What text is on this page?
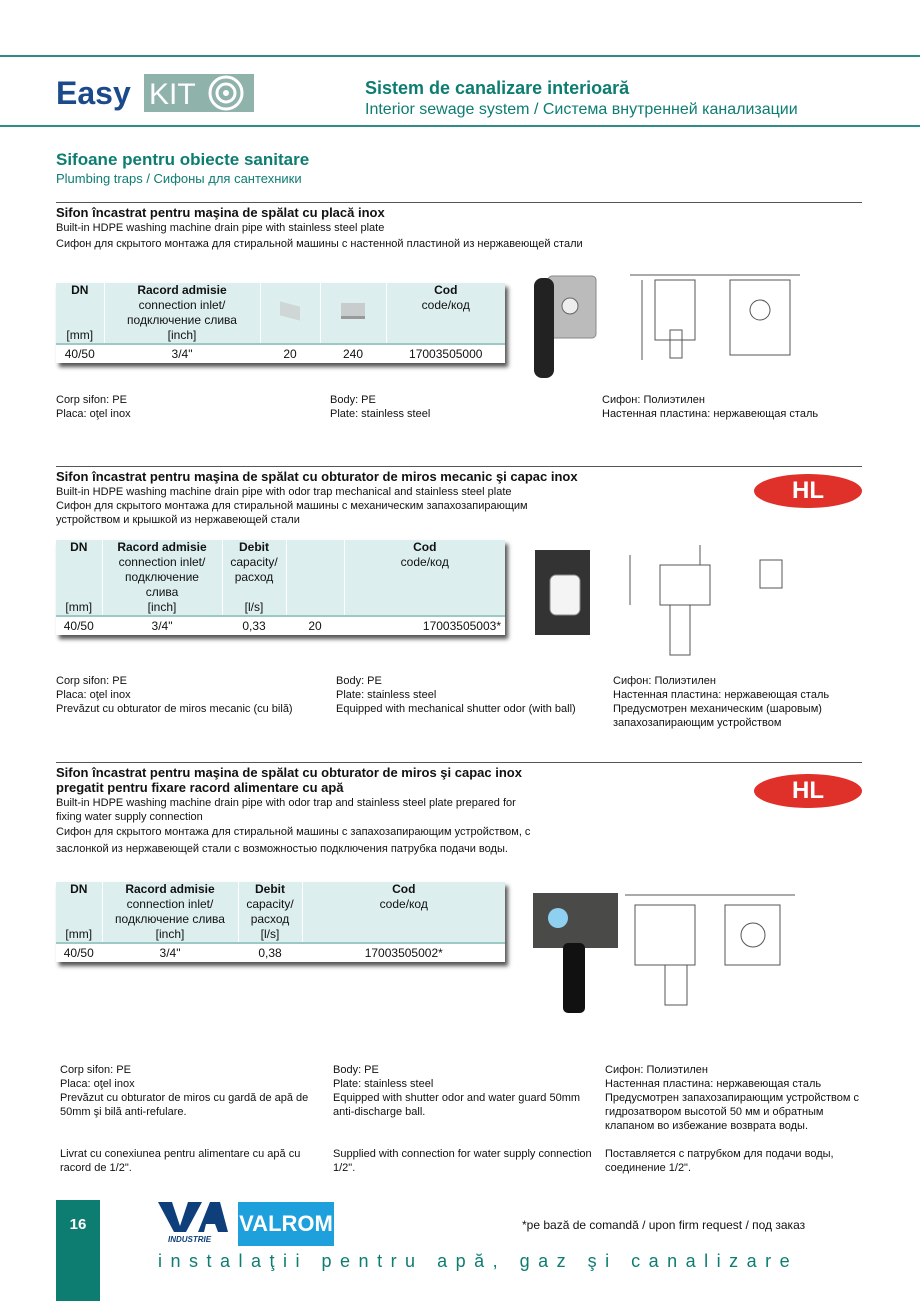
Easy KIT	Sistem de canalizare interioară
Interior sewage system / Система внутренней канализации
Sifoane pentru obiecte sanitare
Plumbing traps / Сифоны для сантехники
Sifon încastrat pentru maşina de spălat cu placă inox
Built-in HDPE washing machine drain pipe with stainless steel plate
Сифон для скрытого монтажа для стиральной машины с настенной пластиной из нержавеющей стали
DN

[mm]	Racord admisie
connection inlet/
подключение слива
[inch]			Cod
code/код
40/50	3/4"	20	240	17003505000
Corp sifon: PE
Placa: oţel inox
Body: PE
Plate: stainless steel
Сифон: Полиэтилен
Настенная пластина: нержавеющая сталь
Sifon încastrat pentru maşina de spălat cu obturator de miros mecanic şi capac inox
Built-in HDPE washing machine drain pipe with odor trap mechanical and stainless steel plate
Сифон для скрытого монтажа для стиральной машины с механическим запахозапирающим
устройством и крышкой из нержавеющей стали
HL
DN

[mm]	Racord admisie
connection inlet/
подключение
слива
[inch]	Debit
capacity/
расход

[l/s]		Cod
code/код
40/50	3/4"	0,33	20	17003505003*
Corp sifon: PE
Placa: oţel inox
Prevăzut cu obturator de miros mecanic (cu bilă)
Body: PE
Plate: stainless steel
Equipped with mechanical shutter odor (with ball)
Сифон: Полиэтилен
Настенная пластина: нержавеющая сталь
Предусмотрен механическим (шаровым) запахозапирающим устройством
Sifon încastrat pentru maşina de spălat cu obturator de miros şi capac inox
pregatit pentru fixare racord alimentare cu apă
Built-in HDPE washing machine drain pipe with odor trap and stainless steel plate prepared for
fixing water supply connection
Сифон для скрытого монтажа для стиральной машины с запахозапирающим устройством, с
заслонкой из нержавеющей стали с возможностью подключения патрубка подачи воды.
HL
DN

[mm]	Racord admisie
connection inlet/
подключение слива
[inch]	Debit
capacity/
расход
[l/s]	Cod
code/код
40/50	3/4"	0,38	17003505002*
Corp sifon: PE
Placa: oţel inox
Prevăzut cu obturator de miros cu gardă de apă de 50mm şi bilă anti-refulare.
Body: PE
Plate: stainless steel
Equipped with shutter odor and water guard 50mm anti-discharge ball.
Сифон: Полиэтилен
Настенная пластина: нержавеющая сталь
Предусмотрен запахозапирающим устройством с гидрозатвором высотой 50 мм и обратным клапаном во избежание возврата воды.
Livrat cu conexiunea pentru alimentare cu apă cu racord de 1/2".
Supplied with connection for water supply connection 1/2".
Поставляется с патрубком для подачи воды, соединение 1/2".
16	VALROM
INDUSTRIE
*pe bază de comandă / upon firm request / под заказ
instalaţii pentru apă, gaz şi canalizare
